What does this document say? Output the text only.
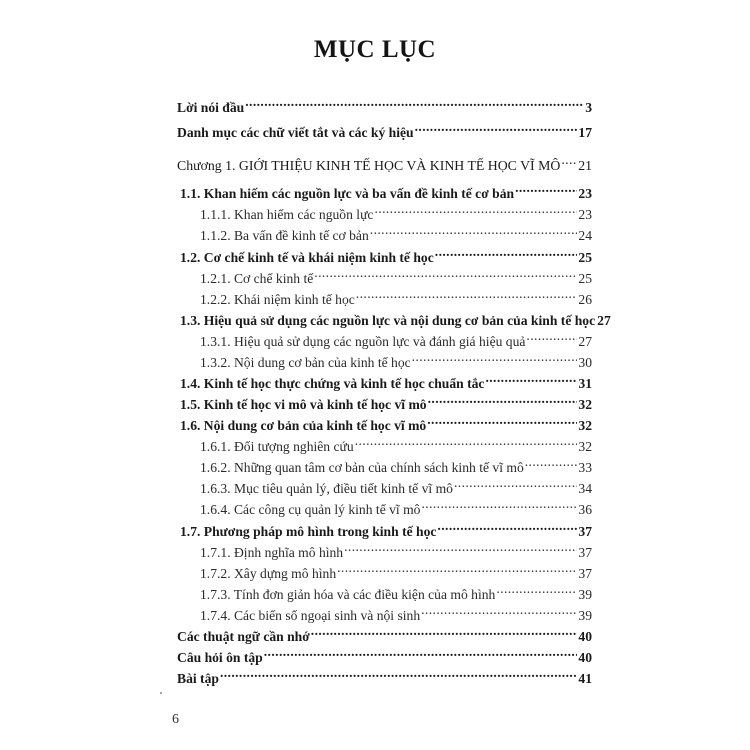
MỤC LỤC
Lời nói đầu .....	3
Danh mục các chữ viết tắt và các ký hiệu .....	17
Chương 1. GIỚI THIỆU KINH TẾ HỌC VÀ KINH TẾ HỌC VĨ MÔ ..... 21
1.1. Khan hiếm các nguồn lực và ba vấn đề kinh tế cơ bản .....	23
1.1.1. Khan hiếm các nguồn lực .....	23
1.1.2. Ba vấn đề kinh tế cơ bản .....	24
1.2. Cơ chế kinh tế và khái niệm kinh tế học .....	25
1.2.1. Cơ chế kinh tế .....	25
1.2.2. Khái niệm kinh tế học .....	26
1.3. Hiệu quả sử dụng các nguồn lực và nội dung cơ bản của kinh tế học 27
1.3.1. Hiệu quả sử dụng các nguồn lực và đánh giá hiệu quả .....	27
1.3.2. Nội dung cơ bản của kinh tế học .....	30
1.4. Kinh tế học thực chứng và kinh tế học chuẩn tắc .....	31
1.5. Kinh tế học vi mô và kinh tế học vĩ mô .....	32
1.6. Nội dung cơ bản của kinh tế học vĩ mô .....	32
1.6.1. Đối tượng nghiên cứu .....	32
1.6.2. Những quan tâm cơ bản của chính sách kinh tế vĩ mô .....	33
1.6.3. Mục tiêu quản lý, điều tiết kinh tế vĩ mô .....	34
1.6.4. Các công cụ quản lý kinh tế vĩ mô .....	36
1.7. Phương pháp mô hình trong kinh tế học .....	37
1.7.1. Định nghĩa mô hình .....	37
1.7.2. Xây dựng mô hình .....	37
1.7.3. Tính đơn giản hóa và các điều kiện của mô hình .....	39
1.7.4. Các biến số ngoại sinh và nội sinh .....	39
Các thuật ngữ cần nhớ .....	40
Câu hỏi ôn tập .....	40
Bài tập .....	41
6
